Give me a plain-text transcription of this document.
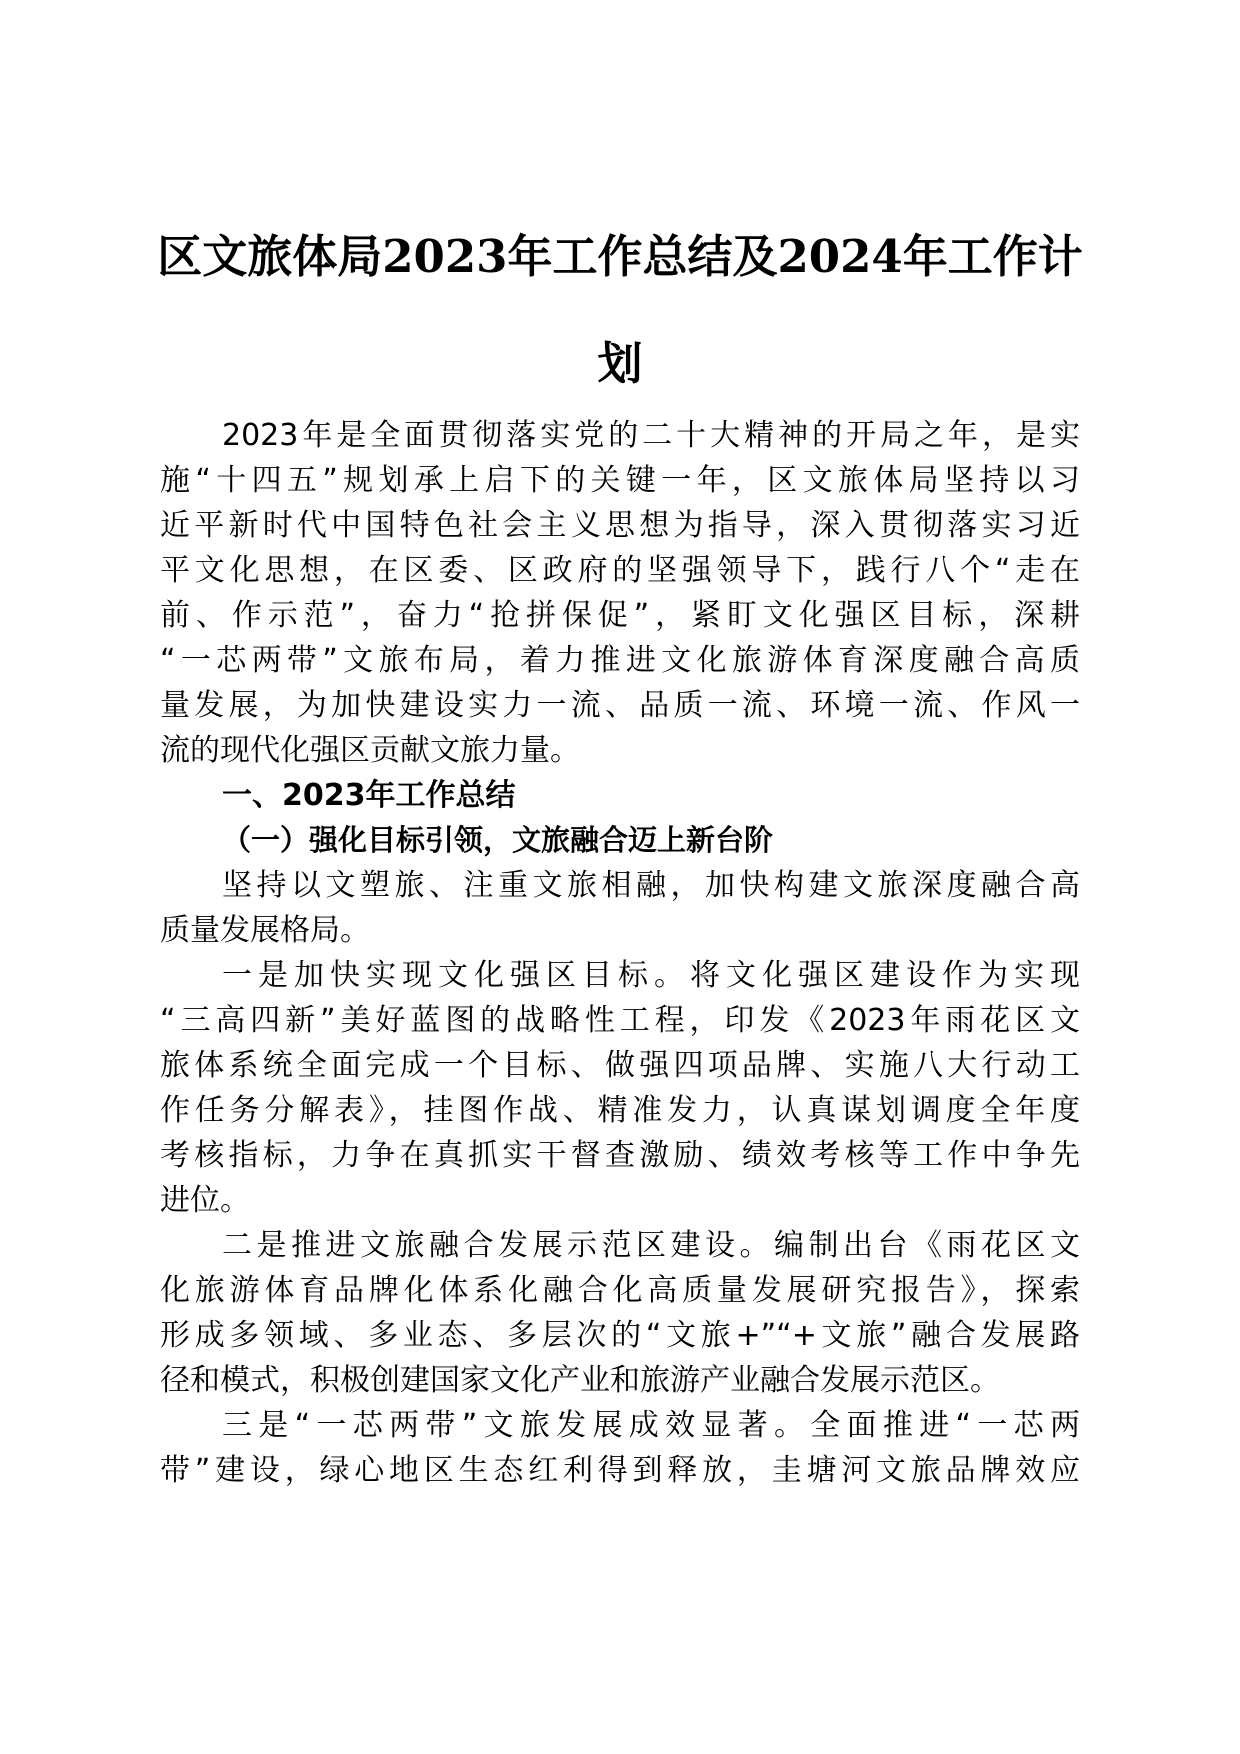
区文旅体局2023年工作总结及2024年工作计
划
2023年是全面贯彻落实党的二十大精神的开局之年，是实
施“十四五”规划承上启下的关键一年，区文旅体局坚持以习
近平新时代中国特色社会主义思想为指导，深入贯彻落实习近
平文化思想，在区委、区政府的坚强领导下，践行八个“走在
前、作示范”，奋力“抢拼保促”，紧盯文化强区目标，深耕
“一芯两带”文旅布局，着力推进文化旅游体育深度融合高质
量发展，为加快建设实力一流、品质一流、环境一流、作风一
流的现代化强区贡献文旅力量。
一、2023年工作总结
（一）强化目标引领，文旅融合迈上新台阶
坚持以文塑旅、注重文旅相融，加快构建文旅深度融合高
质量发展格局。
一是加快实现文化强区目标。将文化强区建设作为实现
“三高四新”美好蓝图的战略性工程，印发《2023年雨花区文
旅体系统全面完成一个目标、做强四项品牌、实施八大行动工
作任务分解表》，挂图作战、精准发力，认真谋划调度全年度
考核指标，力争在真抓实干督查激励、绩效考核等工作中争先
进位。
二是推进文旅融合发展示范区建设。编制出台《雨花区文
化旅游体育品牌化体系化融合化高质量发展研究报告》，探索
形成多领域、多业态、多层次的“文旅+”“+文旅”融合发展路
径和模式，积极创建国家文化产业和旅游产业融合发展示范区。
三是“一芯两带”文旅发展成效显著。全面推进“一芯两
带”建设，绿心地区生态红利得到释放，圭塘河文旅品牌效应
